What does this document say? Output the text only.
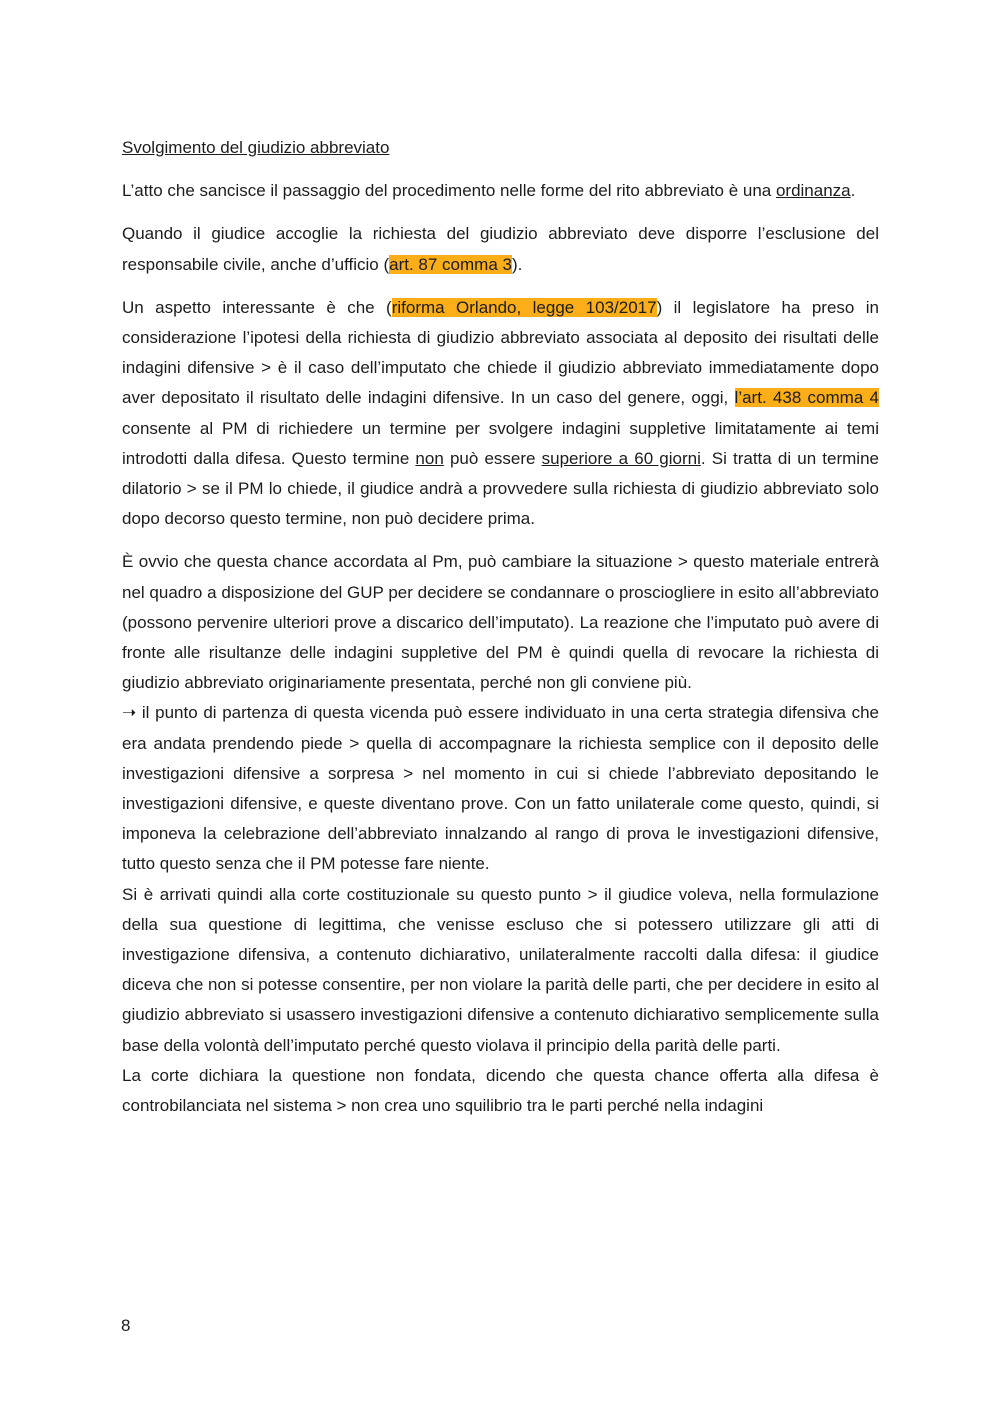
Svolgimento del giudizio abbreviato

L’atto che sancisce il passaggio del procedimento nelle forme del rito abbreviato è una ordinanza.

Quando il giudice accoglie la richiesta del giudizio abbreviato deve disporre l’esclusione del responsabile civile, anche d’ufficio (art. 87 comma 3).

Un aspetto interessante è che (riforma Orlando, legge 103/2017) il legislatore ha preso in considerazione l’ipotesi della richiesta di giudizio abbreviato associata al deposito dei risultati delle indagini difensive > è il caso dell’imputato che chiede il giudizio abbreviato immediatamente dopo aver depositato il risultato delle indagini difensive. In un caso del genere, oggi, l’art. 438 comma 4 consente al PM di richiedere un termine per svolgere indagini suppletive limitatamente ai temi introdotti dalla difesa. Questo termine non può essere superiore a 60 giorni. Si tratta di un termine dilatorio > se il PM lo chiede, il giudice andrà a provvedere sulla richiesta di giudizio abbreviato solo dopo decorso questo termine, non può decidere prima.

È ovvio che questa chance accordata al Pm, può cambiare la situazione > questo materiale entrerà nel quadro a disposizione del GUP per decidere se condannare o prosciogliere in esito all’abbreviato (possono pervenire ulteriori prove a discarico dell’imputato). La reazione che l’imputato può avere di fronte alle risultanze delle indagini suppletive del PM è quindi quella di revocare la richiesta di giudizio abbreviato originariamente presentata, perché non gli conviene più.

➝ il punto di partenza di questa vicenda può essere individuato in una certa strategia difensiva che era andata prendendo piede > quella di accompagnare la richiesta semplice con il deposito delle investigazioni difensive a sorpresa > nel momento in cui si chiede l’abbreviato depositando le investigazioni difensive, e queste diventano prove. Con un fatto unilaterale come questo, quindi, si imponeva la celebrazione dell’abbreviato innalzando al rango di prova le investigazioni difensive, tutto questo senza che il PM potesse fare niente.

Si è arrivati quindi alla corte costituzionale su questo punto > il giudice voleva, nella formulazione della sua questione di legittima, che venisse escluso che si potessero utilizzare gli atti di investigazione difensiva, a contenuto dichiarativo, unilateralmente raccolti dalla difesa: il giudice diceva che non si potesse consentire, per non violare la parità delle parti, che per decidere in esito al giudizio abbreviato si usassero investigazioni difensive a contenuto dichiarativo semplicemente sulla base della volontà dell’imputato perché questo violava il principio della parità delle parti.

La corte dichiara la questione non fondata, dicendo che questa chance offerta alla difesa è controbilanciata nel sistema > non crea uno squilibrio tra le parti perché nella indagini

8
